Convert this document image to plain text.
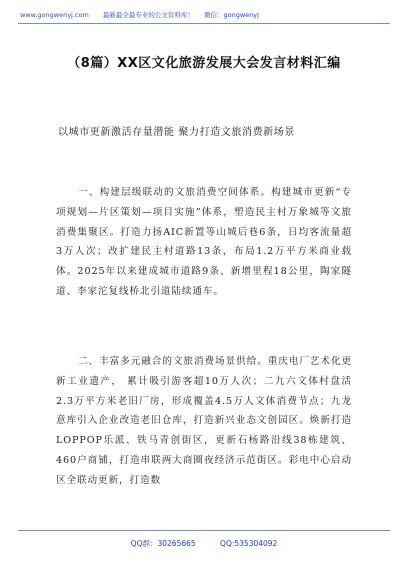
www.gongwenyj.com 最新最全最专业的公文资料库！ 微信：gongwenyj
（8篇）XX区文化旅游发展大会发言材料汇编
以城市更新激活存量潜能 聚力打造文旅消费新场景

一、构建层级联动的文旅消费空间体系。构建城市更新“专项规划—片区策划—项目实施”体系，塑造民主村万象城等文旅消费集聚区。打造力扬AIC新置等山城后巷6条，日均客流量超3万人次；改扩建民主村道路13条，布局1.2万平方米商业载体。2025年以来建成城市道路9条、新增里程18公里，陶家隧道、李家沱复线桥北引道陆续通车。

二、丰富多元融合的文旅消费场景供给。重庆电厂艺术化更新工业遗产， 累计吸引游客超10万人次；二九六文体村盘活2.3万平方米老旧厂房，形成覆盖4.5万人文体消费节点；九龙意库引入企业改造老旧仓库，打造新兴业态文创园区。焕新打造LOPPOP乐派、铁马青创街区，更新石杨路沿线38栋建筑、460户商铺，打造串联两大商圈夜经济示范街区。彩电中心启动区全联动更新，打造数

QQ群：30265665	QQ:535304092
